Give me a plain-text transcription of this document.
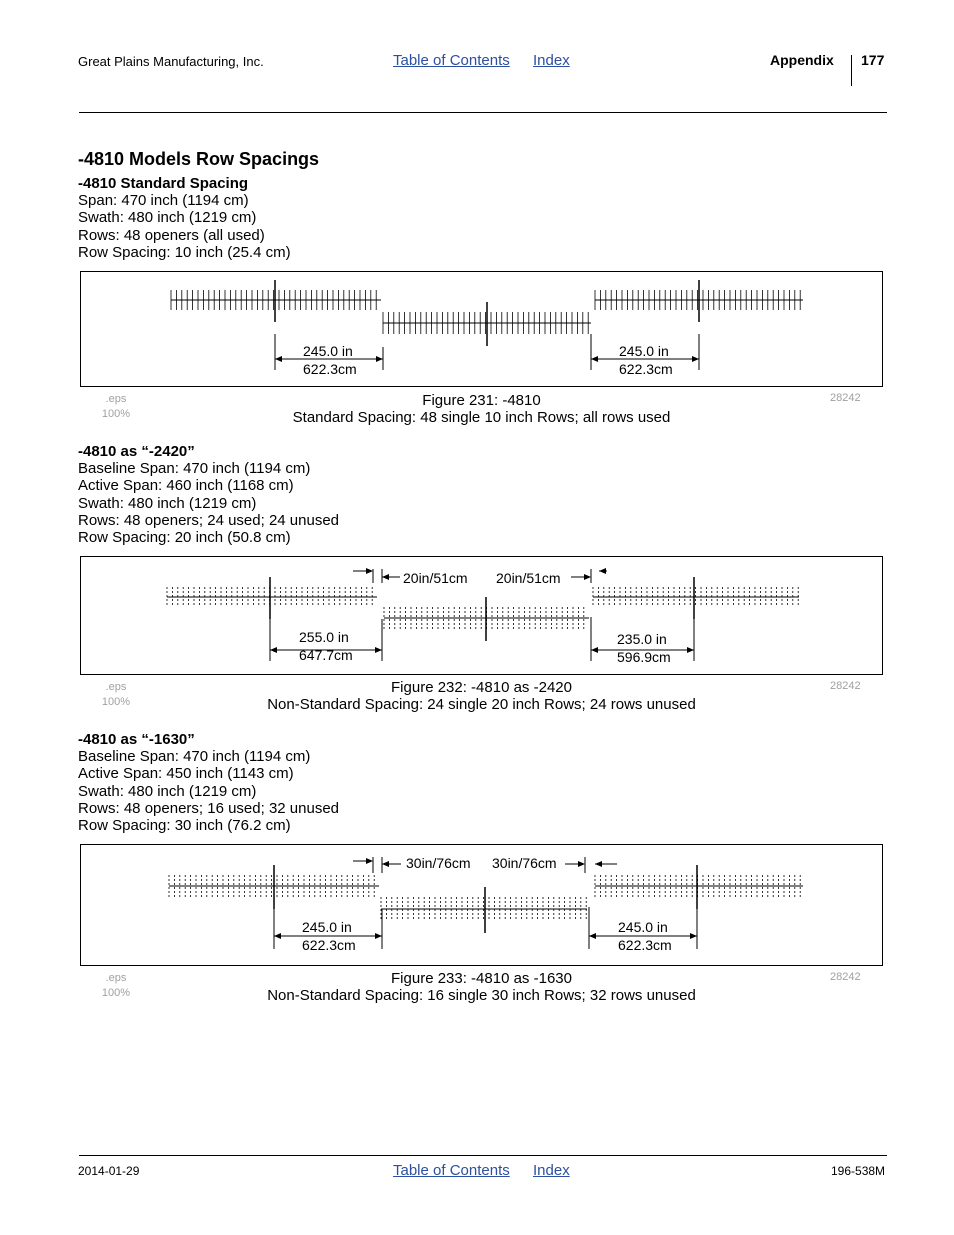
Great Plains Manufacturing, Inc.	Table of Contents Index	Appendix 177
-4810 Models Row Spacings
-4810 Standard Spacing
Span: 470 inch (1194 cm)
Swath: 480 inch (1219 cm)
Rows: 48 openers (all used)
Row Spacing: 10 inch (25.4 cm)
245.0 in
622.3cm
245.0 in
622.3cm
.eps
100%
28242
Figure 231: -4810
Standard Spacing: 48 single 10 inch Rows; all rows used
-4810 as “-2420”
Baseline Span: 470 inch (1194 cm)
Active Span: 460 inch (1168 cm)
Swath: 480 inch (1219 cm)
Rows: 48 openers; 24 used; 24 unused
Row Spacing: 20 inch (50.8 cm)
20in/51cm 20in/51cm
255.0 in
647.7cm
235.0 in
596.9cm
.eps
100%
28242
Figure 232: -4810 as -2420
Non-Standard Spacing: 24 single 20 inch Rows; 24 rows unused
-4810 as “-1630”
Baseline Span: 470 inch (1194 cm)
Active Span: 450 inch (1143 cm)
Swath: 480 inch (1219 cm)
Rows: 48 openers; 16 used; 32 unused
Row Spacing: 30 inch (76.2 cm)
30in/76cm 30in/76cm
245.0 in
622.3cm
245.0 in
622.3cm
.eps
100%
28242
Figure 233: -4810 as -1630
Non-Standard Spacing: 16 single 30 inch Rows; 32 rows unused
2014-01-29	Table of Contents Index	196-538M
